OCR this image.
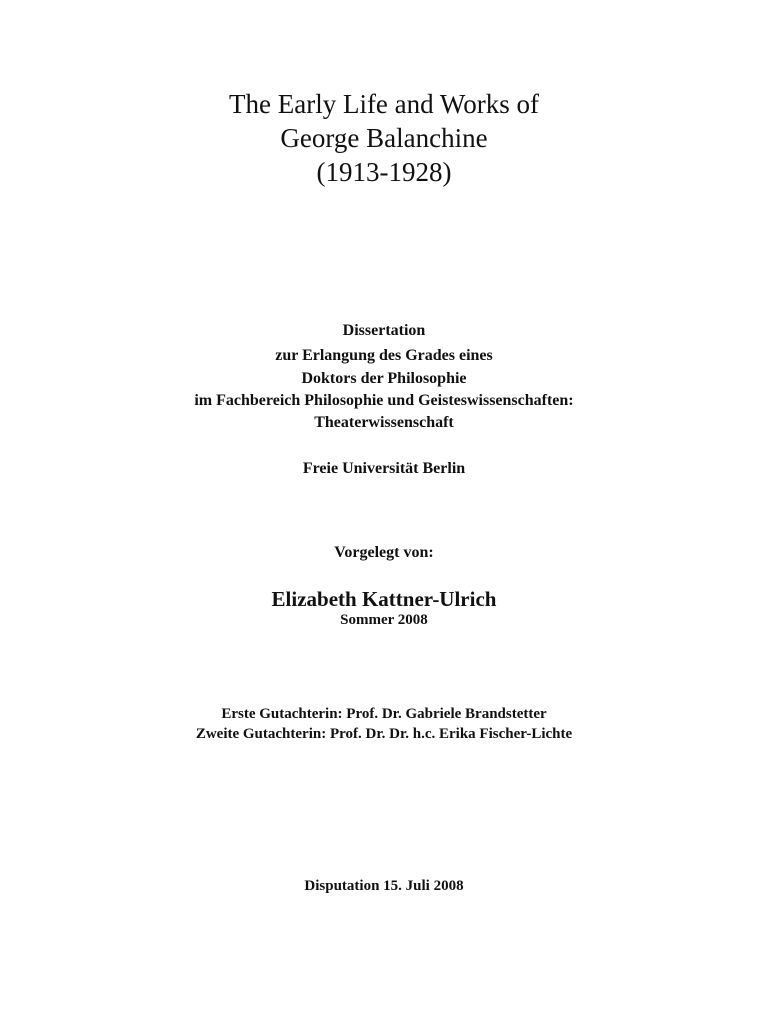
The Early Life and Works of
George Balanchine
(1913-1928)
Dissertation
zur Erlangung des Grades eines
Doktors der Philosophie
im Fachbereich Philosophie und Geisteswissenschaften:
Theaterwissenschaft
Freie Universität Berlin
Vorgelegt von:
Elizabeth Kattner-Ulrich
Sommer 2008
Erste Gutachterin: Prof. Dr. Gabriele Brandstetter
Zweite Gutachterin: Prof. Dr. Dr. h.c. Erika Fischer-Lichte
Disputation 15. Juli 2008
